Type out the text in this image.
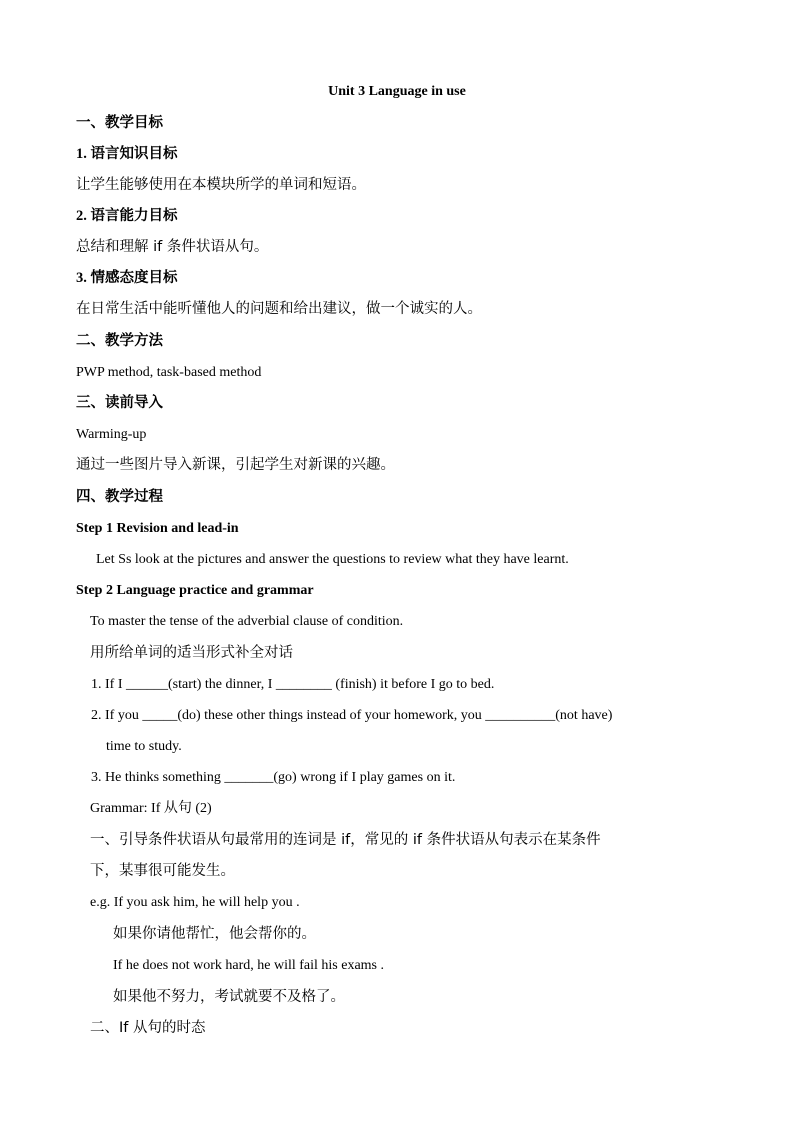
Unit 3 Language in use
一、教学目标
1. 语言知识目标
让学生能够使用在本模块所学的单词和短语。
2. 语言能力目标
总结和理解 if 条件状语从句。
3. 情感态度目标
在日常生活中能听懂他人的问题和给出建议，做一个诚实的人。
二、教学方法
PWP method, task-based method
三、读前导入
Warming-up
通过一些图片导入新课，引起学生对新课的兴趣。
四、教学过程
Step 1 Revision and lead-in
Let Ss look at the pictures and answer the questions to review what they have learnt.
Step 2 Language practice and grammar
To master the tense of the adverbial clause of condition.
用所给单词的适当形式补全对话
1. If I ______(start) the dinner, I ________ (finish) it before I go to bed.
2. If you _____(do) these other things instead of your homework, you __________(not have)
time to study.
3. He thinks something _______(go) wrong if I play games on it.
Grammar: If 从句 (2)
一、引导条件状语从句最常用的连词是 if，常见的 if 条件状语从句表示在某条件
下，某事很可能发生。
e.g. If you ask him, he will help you .
如果你请他帮忙，他会帮你的。
If he does not work hard, he will fail his exams .
如果他不努力，考试就要不及格了。
二、If 从句的时态
